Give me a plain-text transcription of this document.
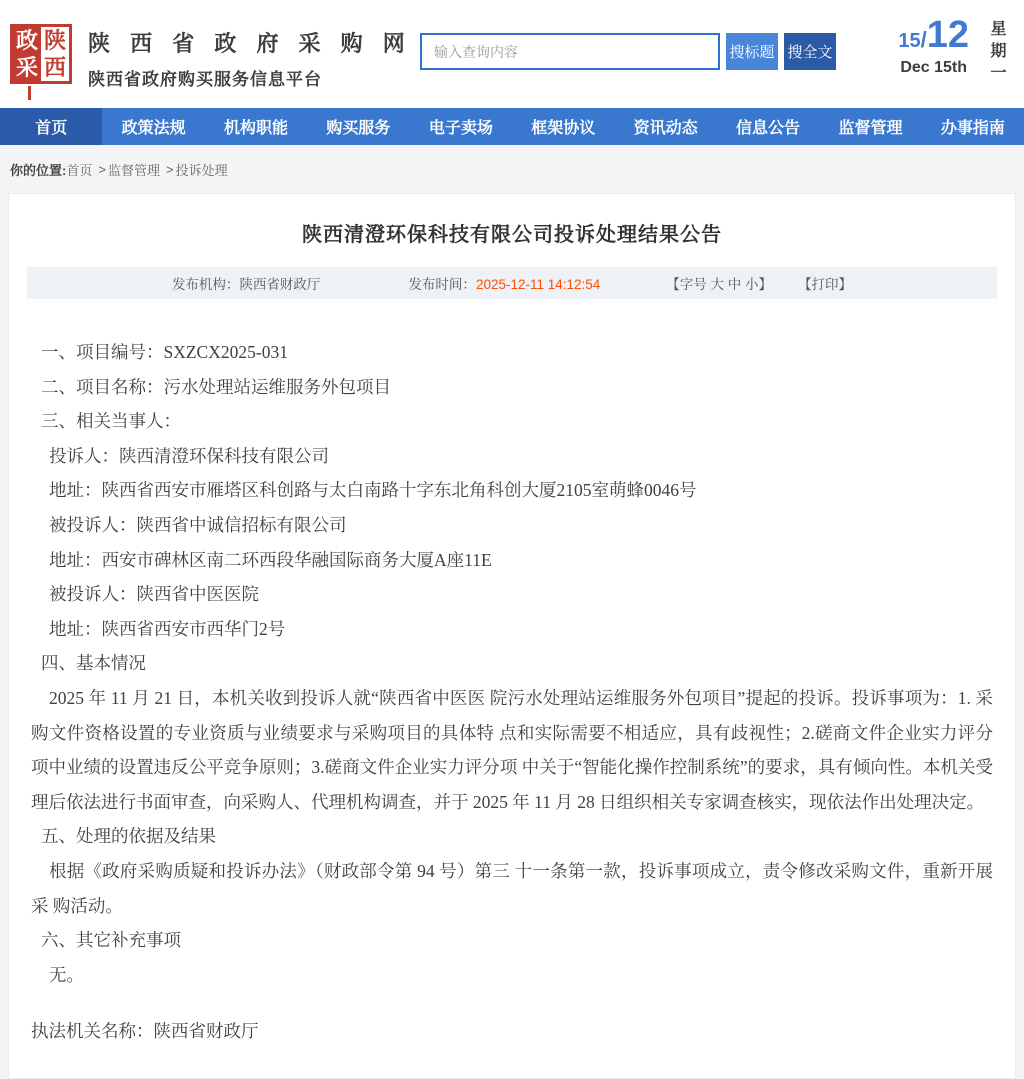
政 陕
采 西
陕 西 省 政 府 采 购 网
陕西省政府购买服务信息平台
输入查询内容
搜标题 搜全文
15/12
Dec 15th 星期一
首页	政策法规	机构职能	购买服务	电子卖场	框架协议	资讯动态	信息公告	监督管理	办事指南
你的位置: 首页 > 监督管理 > 投诉处理
陕西清澄环保科技有限公司投诉处理结果公告
发布机构：陕西省财政厅	发布时间：2025-12-11 14:12:54	【字号 大 中 小】 【打印】

一、项目编号：SXZCX2025-031

二、项目名称：污水处理站运维服务外包项目

三、相关当事人：

投诉人：陕西清澄环保科技有限公司

地址：陕西省西安市雁塔区科创路与太白南路十字东北角科创大厦2105室萌蜂0046号

被投诉人：陕西省中诚信招标有限公司

地址：西安市碑林区南二环西段华融国际商务大厦A座11E

被投诉人：陕西省中医医院

地址：陕西省西安市西华门2号

四、基本情况

2025 年 11 月 21 日，本机关收到投诉人就“陕西省中医医 院污水处理站运维服务外包项目”提起的投诉。投诉事项为：1. 采购文件资格设置的专业资质与业绩要求与采购项目的具体特 点和实际需要不相适应，具有歧视性；2.磋商文件企业实力评分 项中业绩的设置违反公平竞争原则；3.磋商文件企业实力评分项 中关于“智能化操作控制系统”的要求，具有倾向性。本机关受 理后依法进行书面审查，向采购人、代理机构调查，并于 2025 年 11 月 28 日组织相关专家调查核实，现依法作出处理决定。

五、处理的依据及结果

根据《政府采购质疑和投诉办法》（财政部令第 94 号）第三 十一条第一款，投诉事项成立，责令修改采购文件，重新开展采 购活动。

六、其它补充事项

无。

执法机关名称：陕西省财政厅
